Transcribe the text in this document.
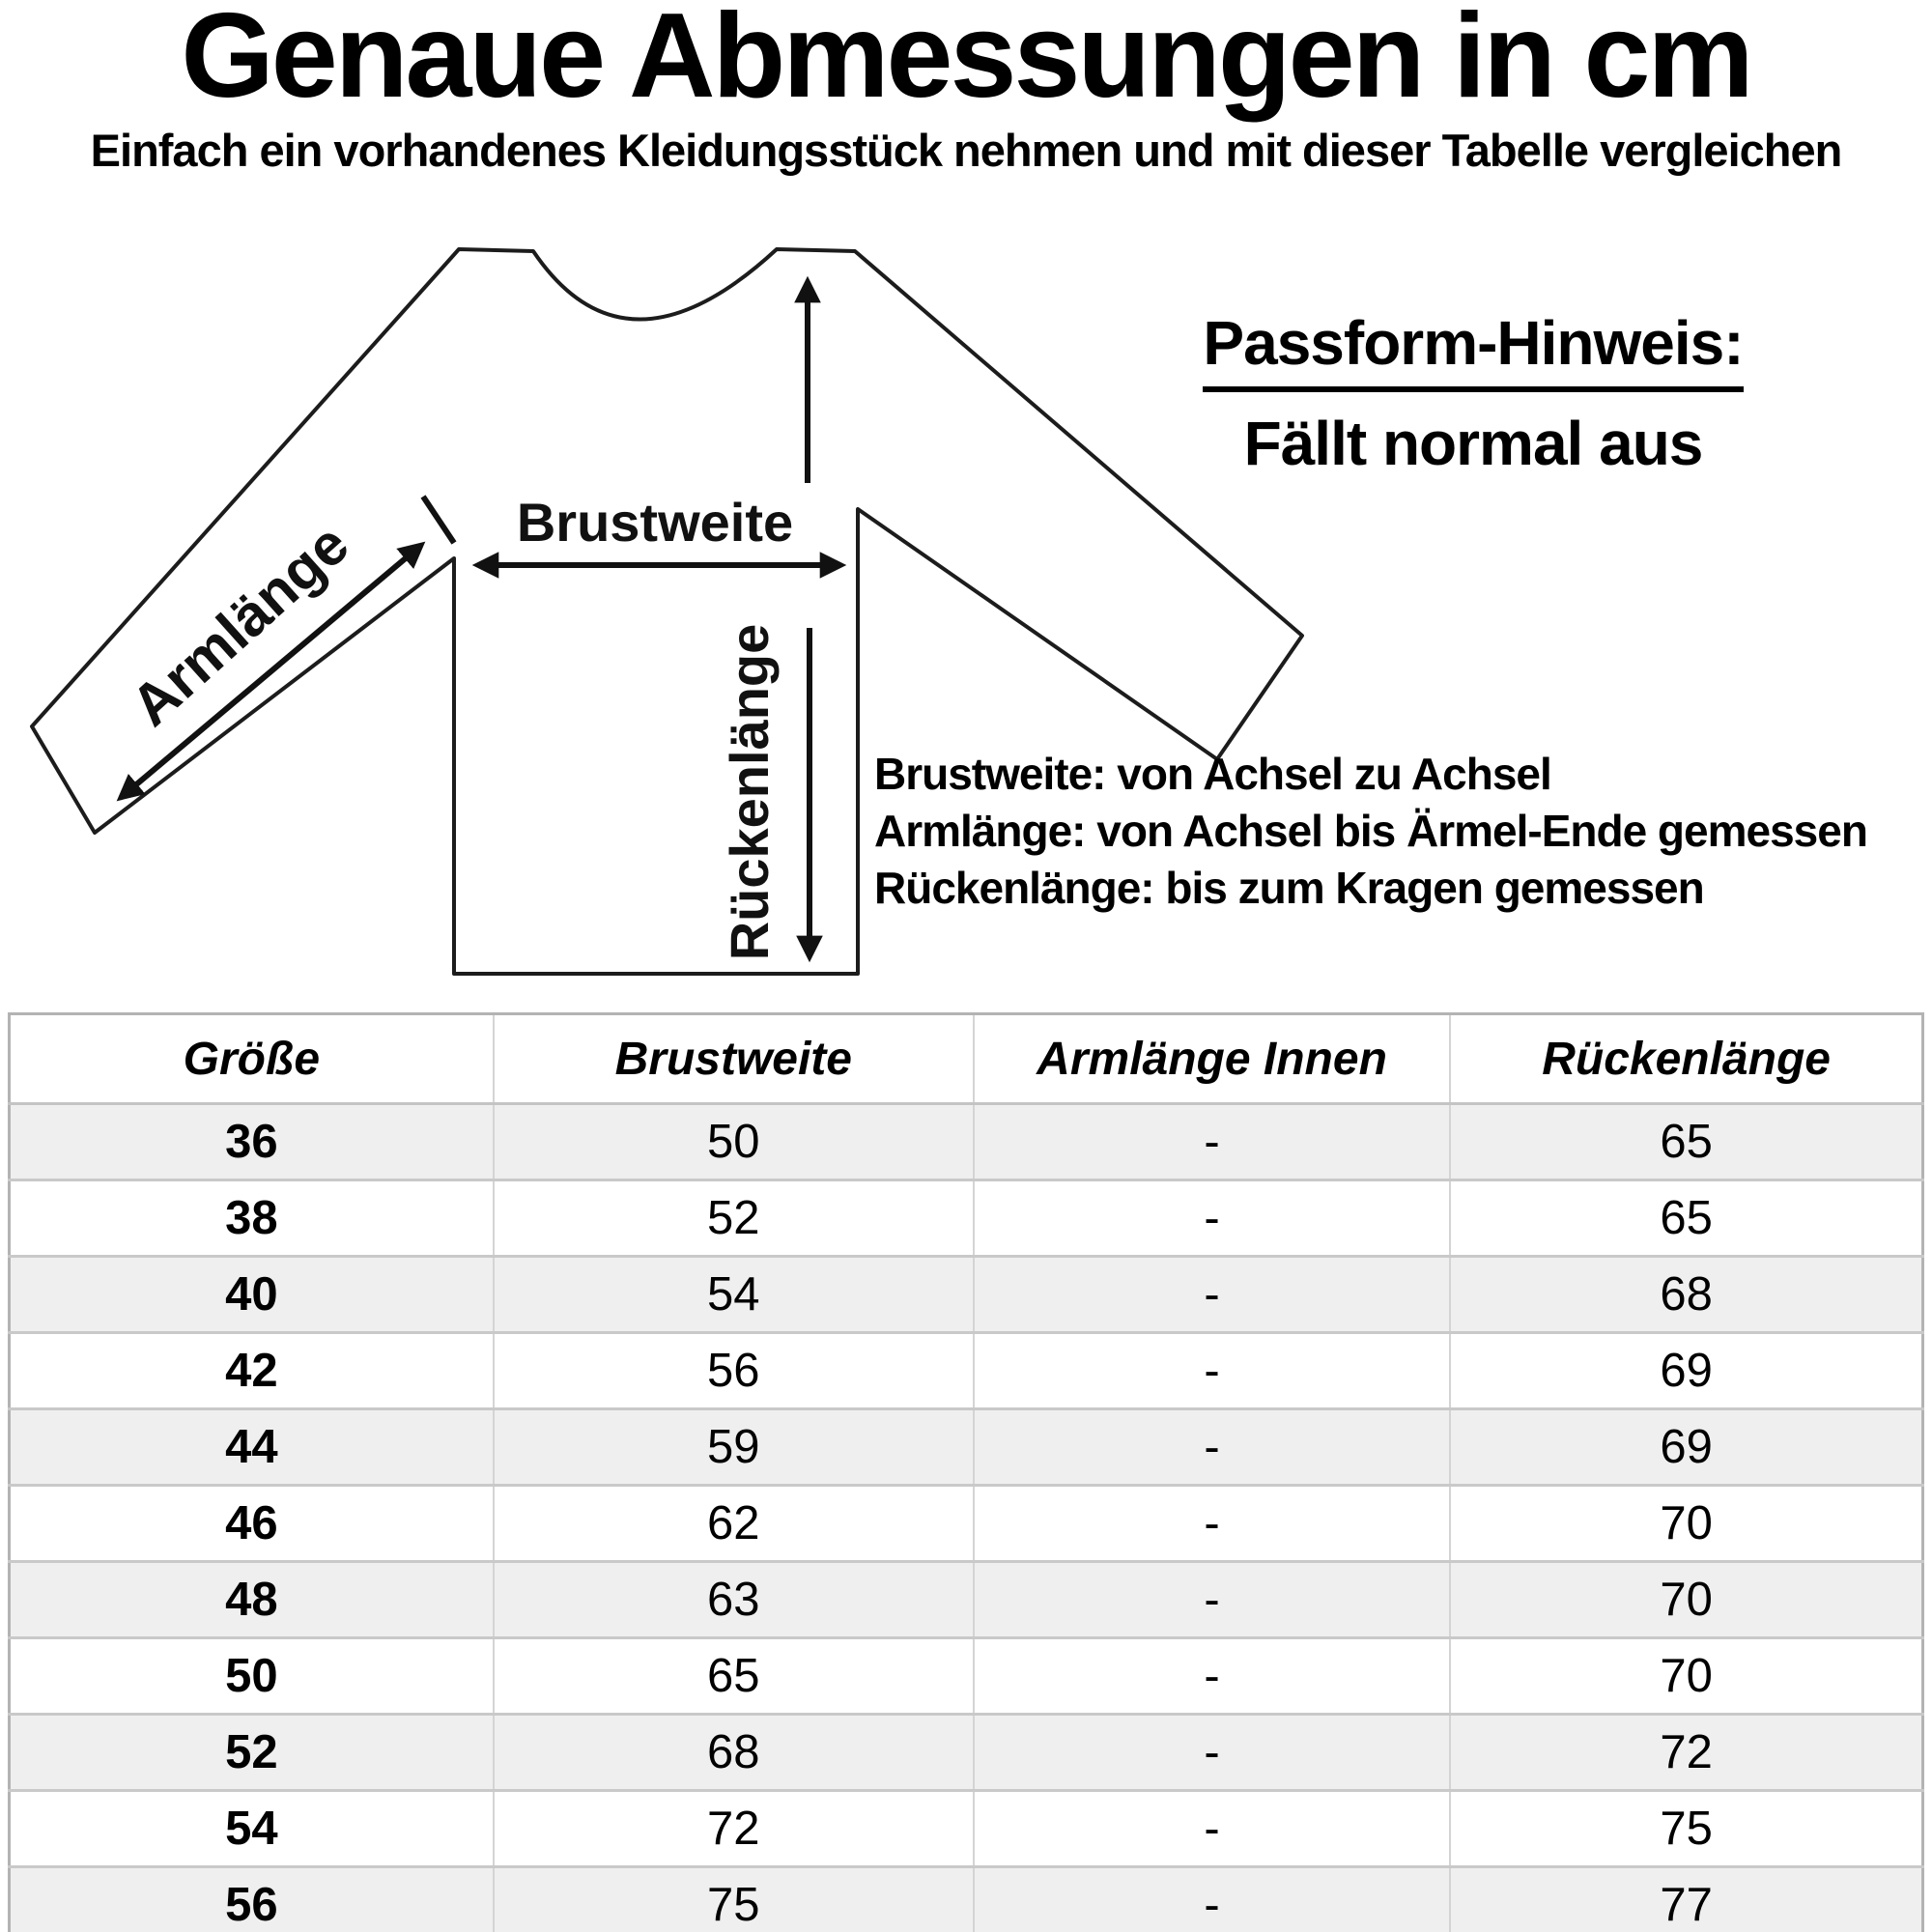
Genaue Abmessungen in cm
Einfach ein vorhandenes Kleidungsstück nehmen und mit dieser Tabelle vergleichen
Armlänge	Brustweite
Rückenlänge
Passform-Hinweis:
Fällt normal aus
Brustweite: von Achsel zu Achsel
Armlänge: von Achsel bis Ärmel-Ende gemessen
Rückenlänge: bis zum Kragen gemessen
Größe	Brustweite	Armlänge Innen	Rückenlänge
36	50	-	65
38	52	-	65
40	54	-	68
42	56	-	69
44	59	-	69
46	62	-	70
48	63	-	70
50	65	-	70
52	68	-	72
54	72	-	75
56	75	-	77
